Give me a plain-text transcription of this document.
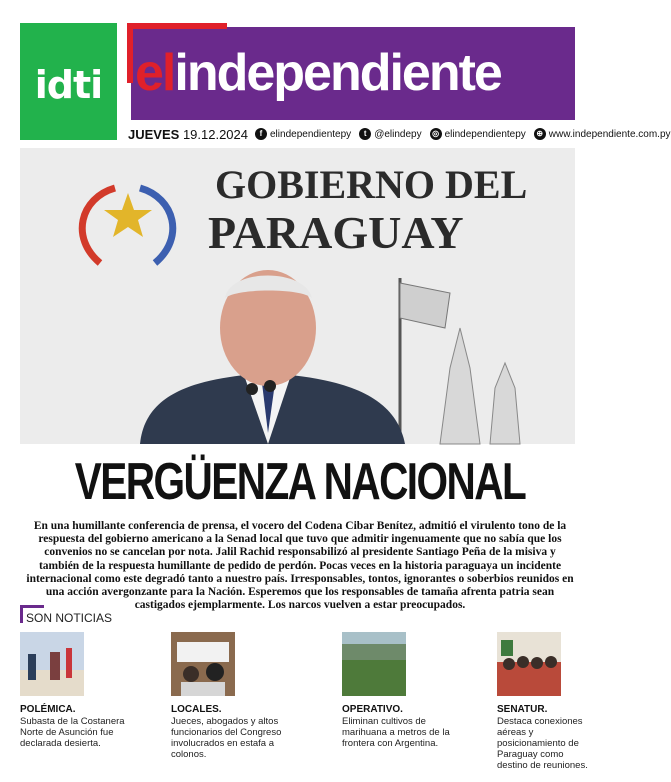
idti elindependiente
JUEVES 19.12.2024	f elindependientepy	t @elindepy	◎ elindependientepy	⊕ www.independiente.com.py
GOBIERNO DEL
PARAGUAY
VERGÜENZA NACIONAL
En una humillante conferencia de prensa, el vocero del Codena Cibar Benítez, admitió el virulento tono de la respuesta del gobierno americano a la Senad local que tuvo que admitir ingenuamente que no sabía que los convenios no se cancelan por nota. Jalil Rachid responsabilizó al presidente Santiago Peña de la misiva y también de la respuesta humillante de pedido de perdón. Pocas veces en la historia paraguaya un incidente internacional como este degradó tanto a nuestro país. Irresponsables, tontos, ignorantes o soberbios reunidos en una acción avergonzante para la Nación. Esperemos que los responsables de tamaña afrenta patria sean castigados ejemplarmente. Los narcos vuelven a estar preocupados.
SON NOTICIAS
POLÉMICA.
Subasta de la Costanera Norte de Asunción fue declarada desierta.
LOCALES.
Jueces, abogados y altos funcionarios del Congreso involucrados en estafa a colonos.
OPERATIVO.
Eliminan cultivos de marihuana a metros de la frontera con Argentina.
SENATUR.
Destaca conexiones aéreas y posicionamiento de Paraguay como destino de reuniones.
